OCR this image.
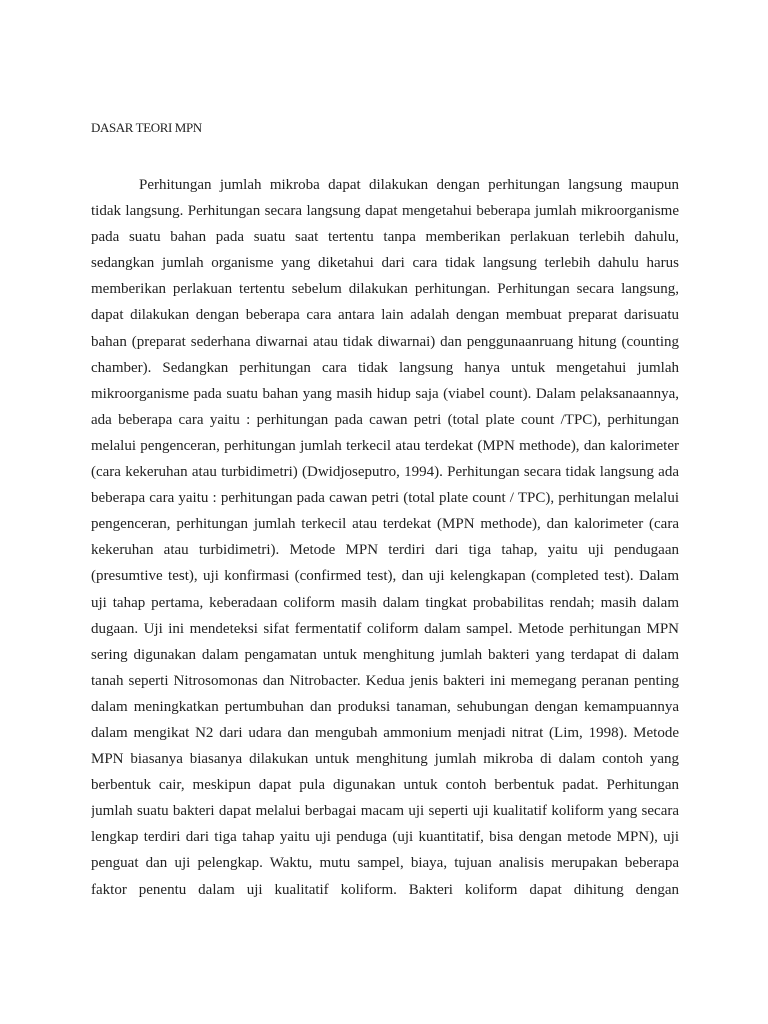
DASAR TEORI MPN
Perhitungan jumlah mikroba dapat dilakukan dengan perhitungan langsung maupun
tidak langsung. Perhitungan secara langsung dapat mengetahui beberapa jumlah mikroorganisme
pada suatu bahan pada suatu saat tertentu tanpa memberikan perlakuan terlebih dahulu,
sedangkan jumlah organisme yang diketahui dari cara tidak langsung terlebih dahulu harus
memberikan perlakuan tertentu sebelum dilakukan perhitungan. Perhitungan secara langsung,
dapat dilakukan dengan beberapa cara antara lain adalah dengan membuat preparat darisuatu
bahan (preparat sederhana diwarnai atau tidak diwarnai) dan penggunaanruang hitung (counting
chamber). Sedangkan perhitungan cara tidak langsung hanya untuk mengetahui jumlah
mikroorganisme pada suatu bahan yang masih hidup saja (viabel count). Dalam pelaksanaannya,
ada beberapa cara yaitu : perhitungan pada cawan petri (total plate count /TPC), perhitungan
melalui pengenceran, perhitungan jumlah terkecil atau terdekat (MPN methode), dan kalorimeter
(cara kekeruhan atau turbidimetri) (Dwidjoseputro, 1994). Perhitungan secara tidak langsung ada
beberapa cara yaitu : perhitungan pada cawan petri (total plate count / TPC), perhitungan melalui
pengenceran, perhitungan jumlah terkecil atau terdekat (MPN methode), dan kalorimeter (cara
kekeruhan atau turbidimetri). Metode MPN terdiri dari tiga tahap, yaitu uji pendugaan
(presumtive test), uji konfirmasi (confirmed test), dan uji kelengkapan (completed test). Dalam
uji tahap pertama, keberadaan coliform masih dalam tingkat probabilitas rendah; masih dalam
dugaan. Uji ini mendeteksi sifat fermentatif coliform dalam sampel. Metode perhitungan MPN
sering digunakan dalam pengamatan untuk menghitung jumlah bakteri yang terdapat di dalam
tanah seperti Nitrosomonas dan Nitrobacter. Kedua jenis bakteri ini memegang peranan penting
dalam meningkatkan pertumbuhan dan produksi tanaman, sehubungan dengan kemampuannya
dalam mengikat N2 dari udara dan mengubah ammonium menjadi nitrat (Lim, 1998). Metode
MPN biasanya biasanya dilakukan untuk menghitung jumlah mikroba di dalam contoh yang
berbentuk cair, meskipun dapat pula digunakan untuk contoh berbentuk padat. Perhitungan
jumlah suatu bakteri dapat melalui berbagai macam uji seperti uji kualitatif koliform yang secara
lengkap terdiri dari tiga tahap yaitu uji penduga (uji kuantitatif, bisa dengan metode MPN), uji
penguat dan uji pelengkap. Waktu, mutu sampel, biaya, tujuan analisis merupakan beberapa
faktor penentu dalam uji kualitatif koliform. Bakteri koliform dapat dihitung dengan
